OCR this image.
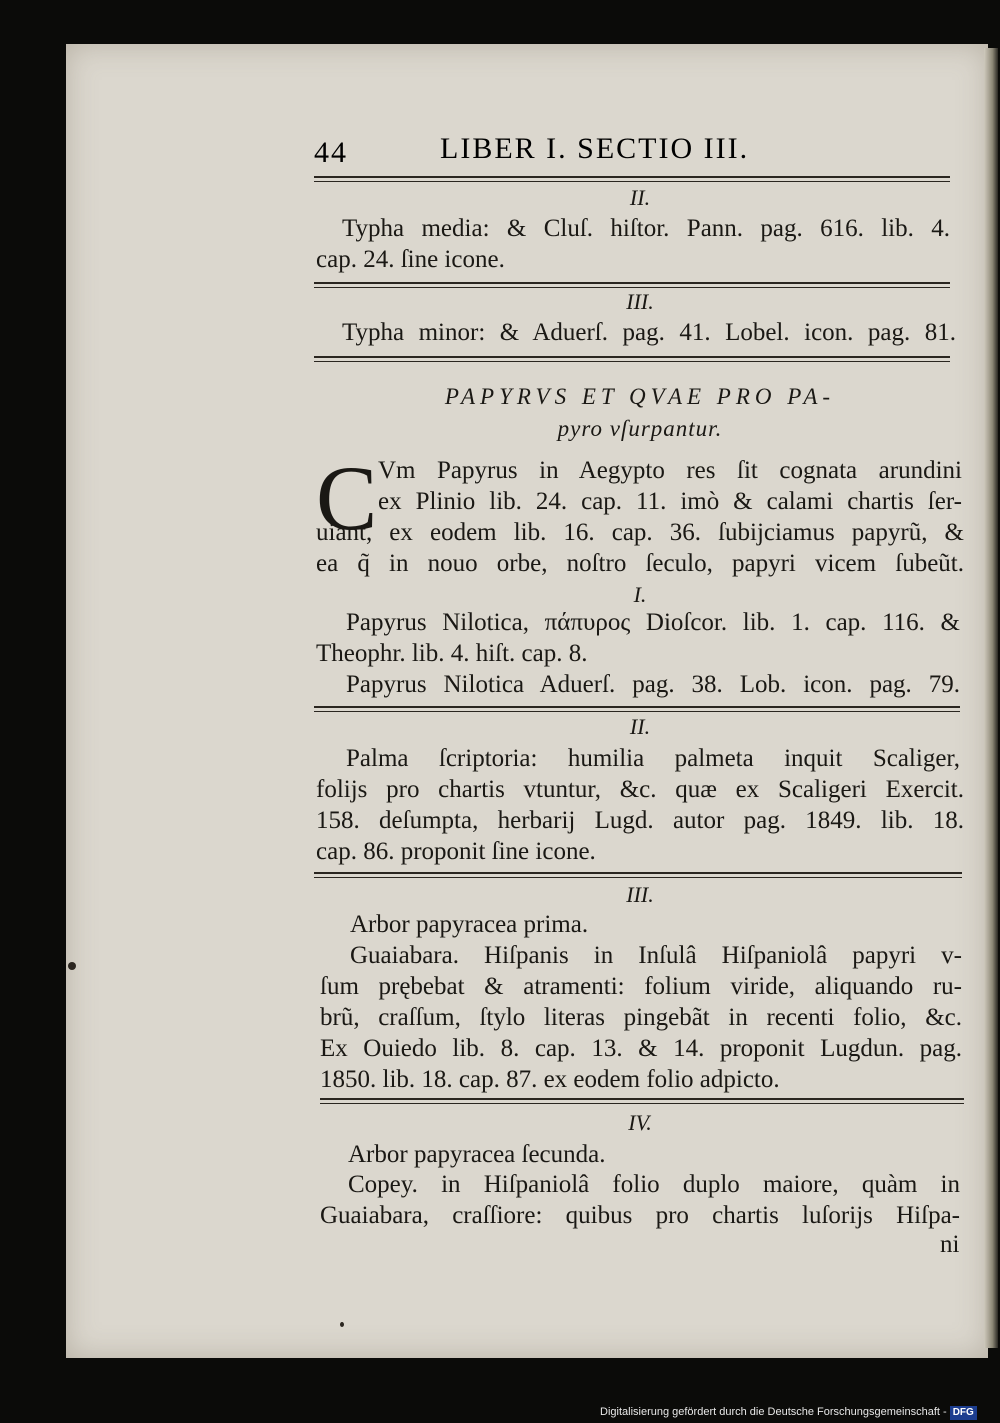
44	LIBER I. SECTIO III.
II.
Typha media: & Cluſ. hiſtor. Pann. pag. 616. lib. 4.
cap. 24. ſine icone.
III.
Typha minor: & Aduerſ. pag. 41. Lobel. icon. pag. 81.
PAPYRVS ET QVAE PRO PA-
pyro vſurpantur.
C Vm Papyrus in Aegypto res ſit cognata arundini
ex Plinio lib. 24. cap. 11. imò & calami chartis ſer-
uiant, ex eodem lib. 16. cap. 36. ſubijciamus papyrũ, &
ea q̃ in nouo orbe, noſtro ſeculo, papyri vicem ſubeũt.
I.
Papyrus Nilotica, πάπυρος Dioſcor. lib. 1. cap. 116. &
Theophr. lib. 4. hiſt. cap. 8.
Papyrus Nilotica Aduerſ. pag. 38. Lob. icon. pag. 79.
II.
Palma ſcriptoria: humilia palmeta inquit Scaliger,
folijs pro chartis vtuntur, &c. quæ ex Scaligeri Exercit.
158. deſumpta, herbarij Lugd. autor pag. 1849. lib. 18.
cap. 86. proponit ſine icone.
III.
Arbor papyracea prima.
Guaiabara. Hiſpanis in Inſulâ Hiſpaniolâ papyri v-
ſum prębebat & atramenti: folium viride, aliquando ru-
brũ, craſſum, ſtylo literas pingebãt in recenti folio, &c.
Ex Ouiedo lib. 8. cap. 13. & 14. proponit Lugdun. pag.
1850. lib. 18. cap. 87. ex eodem folio adpicto.
IV.
Arbor papyracea ſecunda.
Copey. in Hiſpaniolâ folio duplo maiore, quàm in
Guaiabara, craſſiore: quibus pro chartis luſorijs Hiſpa-
ni
Digitalisierung gefördert durch die Deutsche Forschungsgemeinschaft - DFG
